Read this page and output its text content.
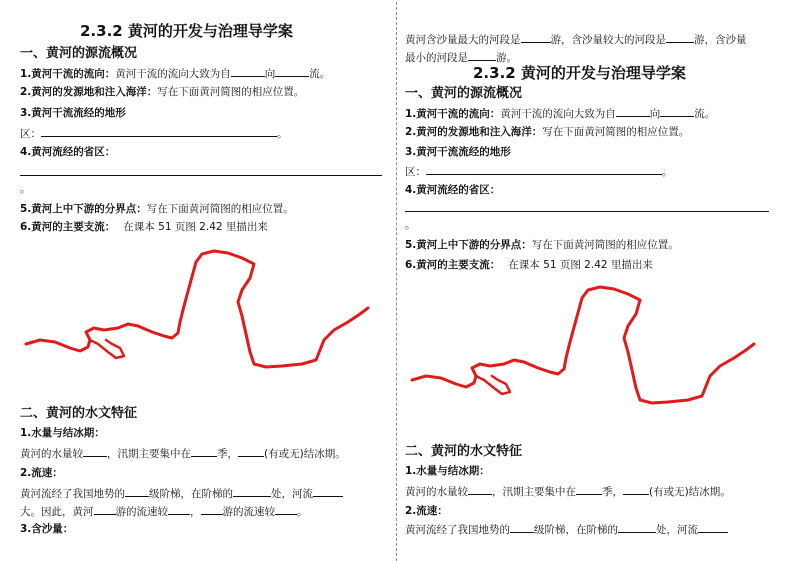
2.3.2 黄河的开发与治理导学案
一、黄河的源流概况
1.黄河干流的流向：黄河干流的流向大致为自	向	流。
2.黄河的发源地和注入海洋：写在下面黄河简图的相应位置。
3.黄河干流流经的地形
区：	。
4.黄河流经的省区：
。
5.黄河上中下游的分界点：写在下面黄河简图的相应位置。
6.黄河的主要支流： 在课本 51 页图 2.42 里描出来
二、黄河的水文特征
1.水量与结冰期：
黄河的水量较 ，汛期主要集中在 季， (有或无)结冰期。
2.流速：
黄河流经了我国地势的 级阶梯，在阶梯的	处，河流
大。因此，黄河 游的流速较 ， 游的流速较 。
3.含沙量：
黄河含沙量最大的河段是	游，含沙量较大的河段是	游，含沙量
最小的河段是	游。
2.3.2 黄河的开发与治理导学案
一、黄河的源流概况
1.黄河干流的流向：黄河干流的流向大致为自	向	流。
2.黄河的发源地和注入海洋：写在下面黄河简图的相应位置。
3.黄河干流流经的地形
区：	。
4.黄河流经的省区：
。
5.黄河上中下游的分界点：写在下面黄河简图的相应位置。
6.黄河的主要支流： 在课本 51 页图 2.42 里描出来
二、黄河的水文特征
1.水量与结冰期：
黄河的水量较 ，汛期主要集中在 季， (有或无)结冰期。
2.流速：
黄河流经了我国地势的 级阶梯，在阶梯的	处，河流
